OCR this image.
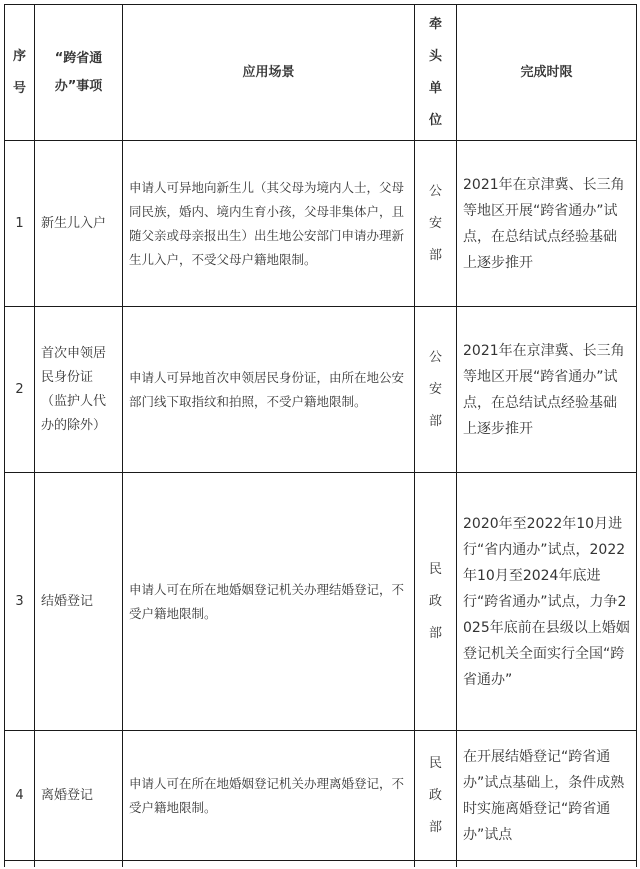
序
号	“跨省通办”事项	应用场景	牵
头
单
位	完成时限
1	新生儿入户	申请人可异地向新生儿（其父母为境内人士，父母同民族，婚内、境内生育小孩，父母非集体户，且随父亲或母亲报出生）出生地公安部门申请办理新生儿入户，不受父母户籍地限制。	公
安
部	2021年在京津冀、长三角等地区开展“跨省通办”试点，在总结试点经验基础上逐步推开
2	首次申领居民身份证（监护人代办的除外）	申请人可异地首次申领居民身份证，由所在地公安部门线下取指纹和拍照，不受户籍地限制。	公
安
部	2021年在京津冀、长三角等地区开展“跨省通办”试点，在总结试点经验基础上逐步推开
3	结婚登记	申请人可在所在地婚姻登记机关办理结婚登记，不受户籍地限制。	民
政
部	2020年至2022年10月进行“省内通办”试点，2022年10月至2024年底进行“跨省通办”试点，力争2025年底前在县级以上婚姻登记机关全面实行全国“跨省通办”
4	离婚登记	申请人可在所在地婚姻登记机关办理离婚登记，不受户籍地限制。	民
政
部	在开展结婚登记“跨省通办”试点基础上，条件成熟时实施离婚登记“跨省通办”试点
